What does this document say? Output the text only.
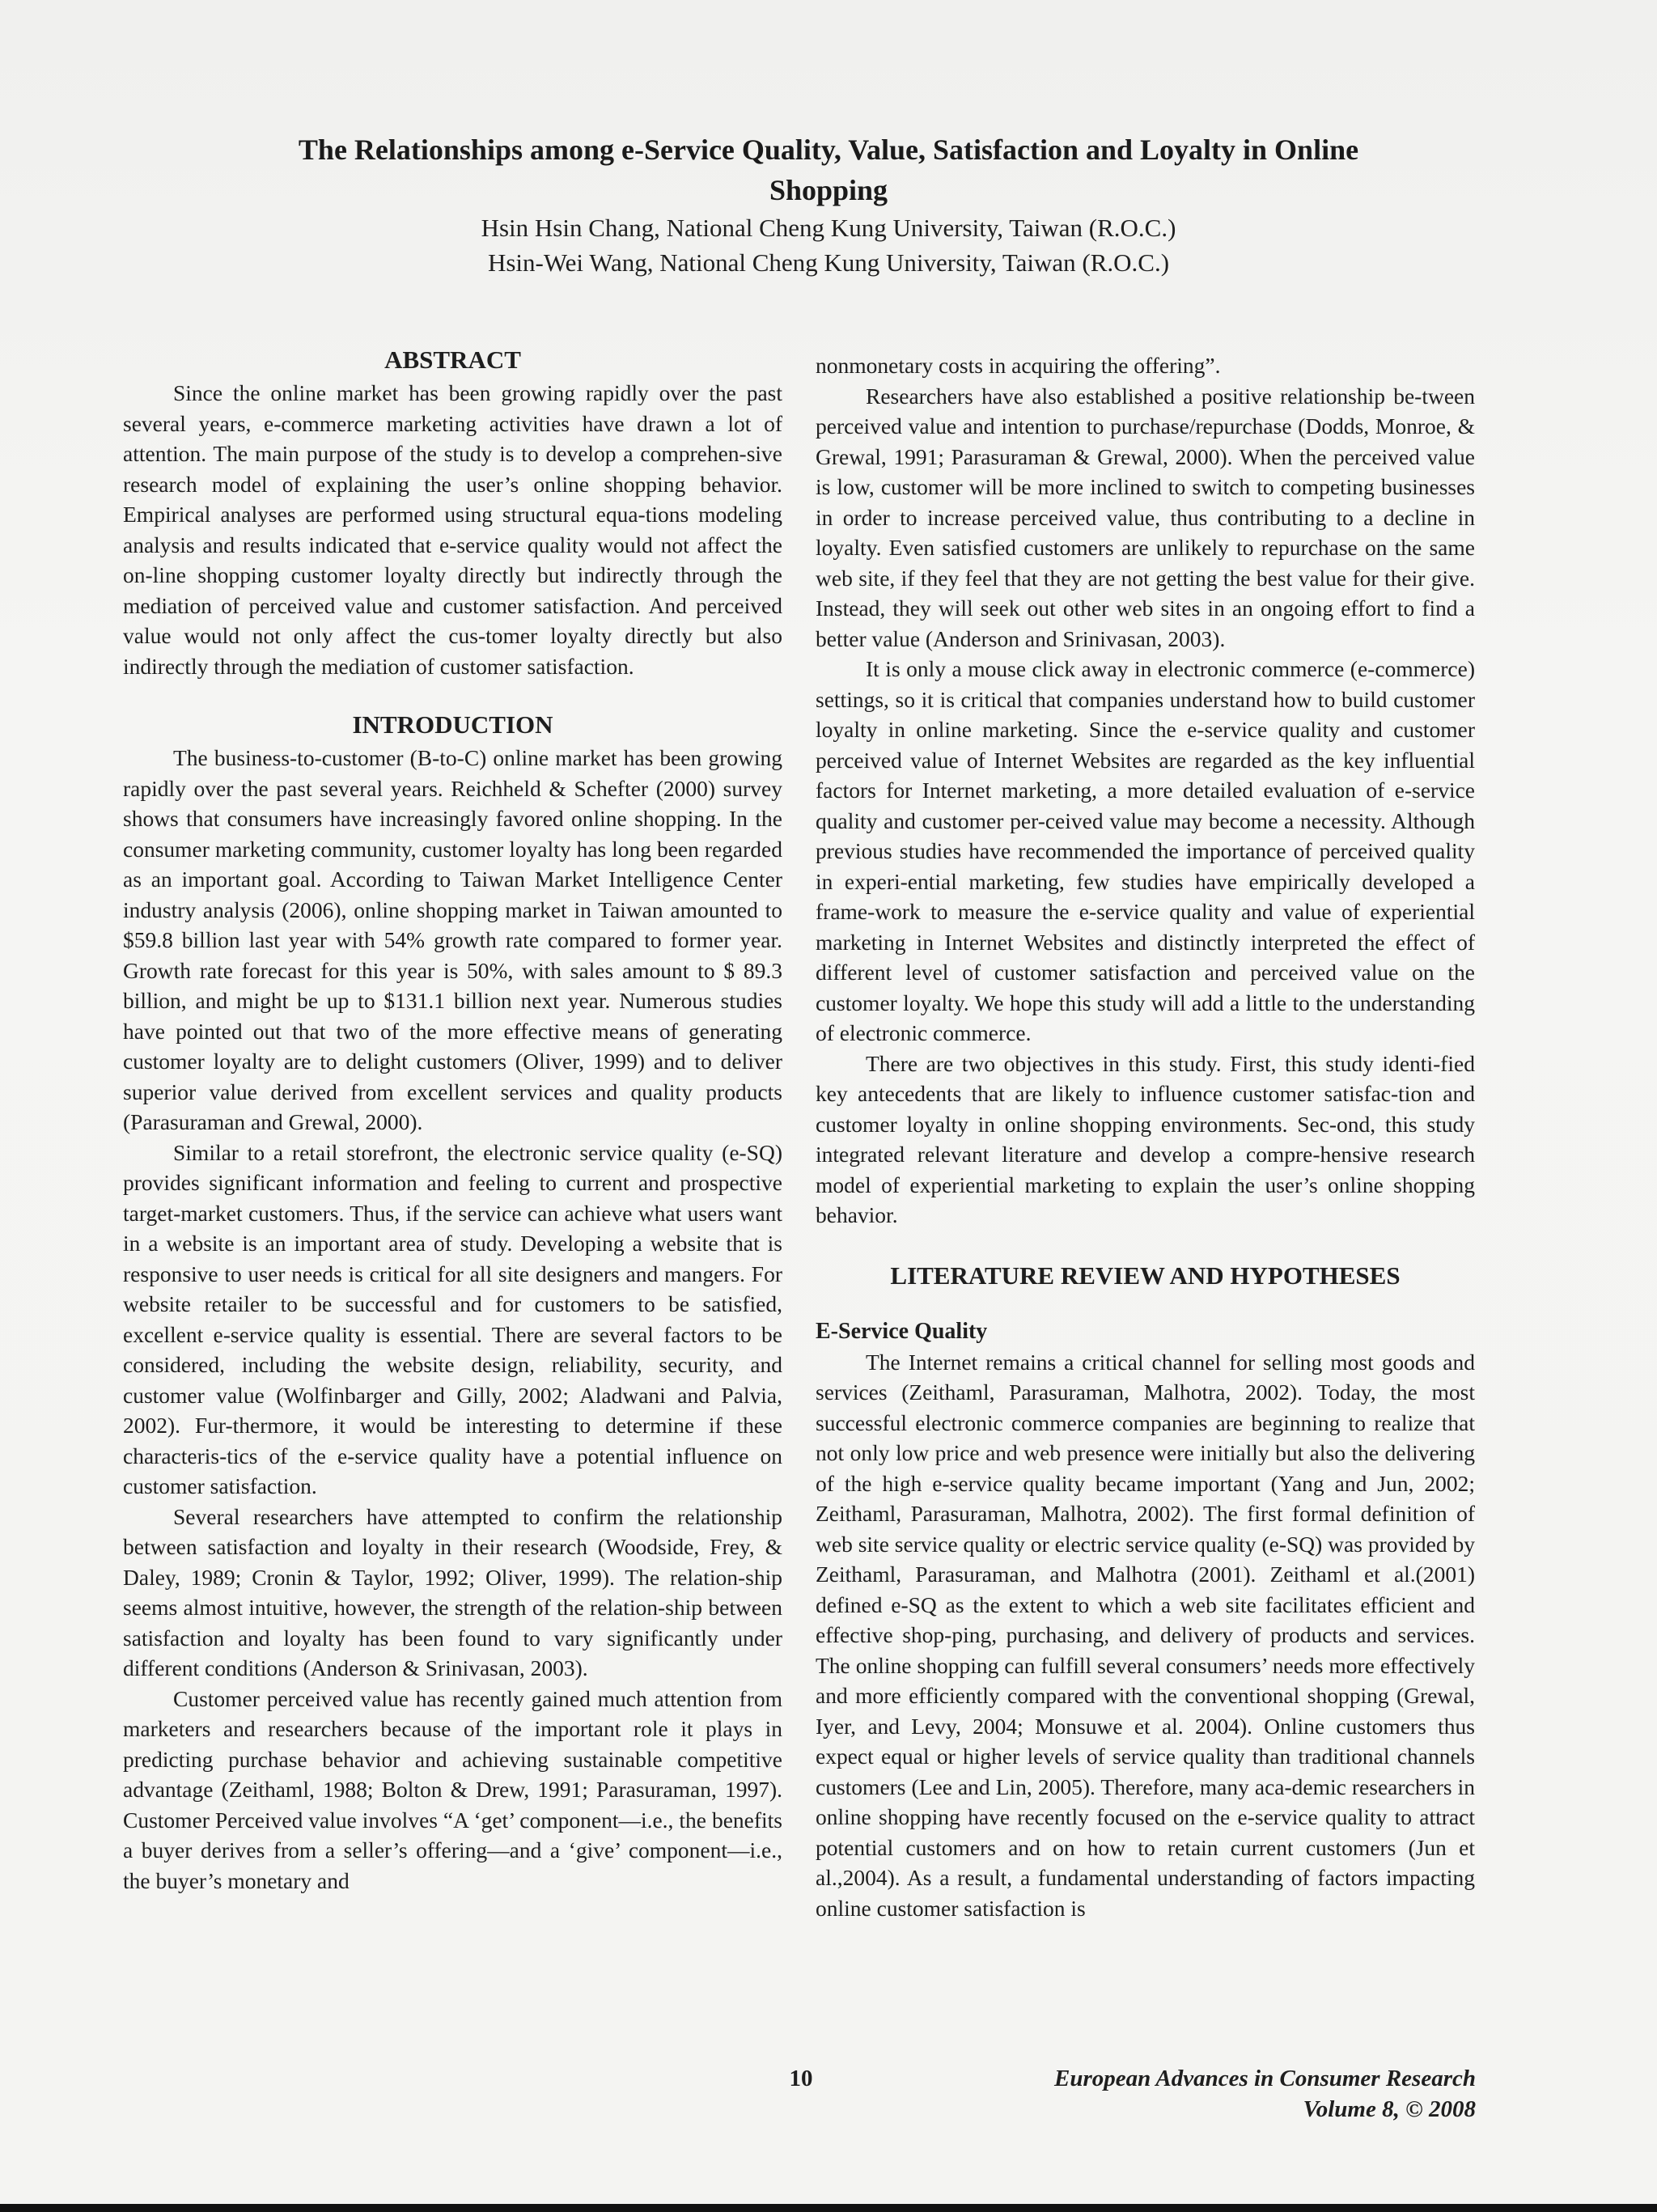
The Relationships among e-Service Quality, Value, Satisfaction and Loyalty in Online
Shopping
Hsin Hsin Chang, National Cheng Kung University, Taiwan (R.O.C.)
Hsin-Wei Wang, National Cheng Kung University, Taiwan (R.O.C.)
ABSTRACT

Since the online market has been growing rapidly over the past several years, e-commerce marketing activities have drawn a lot of attention. The main purpose of the study is to develop a comprehen-sive research model of explaining the user’s online shopping behavior. Empirical analyses are performed using structural equa-tions modeling analysis and results indicated that e-service quality would not affect the on-line shopping customer loyalty directly but indirectly through the mediation of perceived value and customer satisfaction. And perceived value would not only affect the cus-tomer loyalty directly but also indirectly through the mediation of customer satisfaction.

INTRODUCTION

The business-to-customer (B-to-C) online market has been growing rapidly over the past several years. Reichheld & Schefter (2000) survey shows that consumers have increasingly favored online shopping. In the consumer marketing community, customer loyalty has long been regarded as an important goal. According to Taiwan Market Intelligence Center industry analysis (2006), online shopping market in Taiwan amounted to $59.8 billion last year with 54% growth rate compared to former year. Growth rate forecast for this year is 50%, with sales amount to $ 89.3 billion, and might be up to $131.1 billion next year. Numerous studies have pointed out that two of the more effective means of generating customer loyalty are to delight customers (Oliver, 1999) and to deliver superior value derived from excellent services and quality products (Parasuraman and Grewal, 2000).

Similar to a retail storefront, the electronic service quality (e-SQ) provides significant information and feeling to current and prospective target-market customers. Thus, if the service can achieve what users want in a website is an important area of study. Developing a website that is responsive to user needs is critical for all site designers and mangers. For website retailer to be successful and for customers to be satisfied, excellent e-service quality is essential. There are several factors to be considered, including the website design, reliability, security, and customer value (Wolfinbarger and Gilly, 2002; Aladwani and Palvia, 2002). Fur-thermore, it would be interesting to determine if these characteris-tics of the e-service quality have a potential influence on customer satisfaction.

Several researchers have attempted to confirm the relationship between satisfaction and loyalty in their research (Woodside, Frey, & Daley, 1989; Cronin & Taylor, 1992; Oliver, 1999). The relation-ship seems almost intuitive, however, the strength of the relation-ship between satisfaction and loyalty has been found to vary significantly under different conditions (Anderson & Srinivasan, 2003).

Customer perceived value has recently gained much attention from marketers and researchers because of the important role it plays in predicting purchase behavior and achieving sustainable competitive advantage (Zeithaml, 1988; Bolton & Drew, 1991; Parasuraman, 1997). Customer Perceived value involves “A ‘get’ component—i.e., the benefits a buyer derives from a seller’s offering—and a ‘give’ component—i.e., the buyer’s monetary and

nonmonetary costs in acquiring the offering”.

Researchers have also established a positive relationship be-tween perceived value and intention to purchase/repurchase (Dodds, Monroe, & Grewal, 1991; Parasuraman & Grewal, 2000). When the perceived value is low, customer will be more inclined to switch to competing businesses in order to increase perceived value, thus contributing to a decline in loyalty. Even satisfied customers are unlikely to repurchase on the same web site, if they feel that they are not getting the best value for their give. Instead, they will seek out other web sites in an ongoing effort to find a better value (Anderson and Srinivasan, 2003).

It is only a mouse click away in electronic commerce (e-commerce) settings, so it is critical that companies understand how to build customer loyalty in online marketing. Since the e-service quality and customer perceived value of Internet Websites are regarded as the key influential factors for Internet marketing, a more detailed evaluation of e-service quality and customer per-ceived value may become a necessity. Although previous studies have recommended the importance of perceived quality in experi-ential marketing, few studies have empirically developed a frame-work to measure the e-service quality and value of experiential marketing in Internet Websites and distinctly interpreted the effect of different level of customer satisfaction and perceived value on the customer loyalty. We hope this study will add a little to the understanding of electronic commerce.

There are two objectives in this study. First, this study identi-fied key antecedents that are likely to influence customer satisfac-tion and customer loyalty in online shopping environments. Sec-ond, this study integrated relevant literature and develop a compre-hensive research model of experiential marketing to explain the user’s online shopping behavior.

LITERATURE REVIEW AND HYPOTHESES
E-Service Quality

The Internet remains a critical channel for selling most goods and services (Zeithaml, Parasuraman, Malhotra, 2002). Today, the most successful electronic commerce companies are beginning to realize that not only low price and web presence were initially but also the delivering of the high e-service quality became important (Yang and Jun, 2002; Zeithaml, Parasuraman, Malhotra, 2002). The first formal definition of web site service quality or electric service quality (e-SQ) was provided by Zeithaml, Parasuraman, and Malhotra (2001). Zeithaml et al.(2001) defined e-SQ as the extent to which a web site facilitates efficient and effective shop-ping, purchasing, and delivery of products and services. The online shopping can fulfill several consumers’ needs more effectively and more efficiently compared with the conventional shopping (Grewal, Iyer, and Levy, 2004; Monsuwe et al. 2004). Online customers thus expect equal or higher levels of service quality than traditional channels customers (Lee and Lin, 2005). Therefore, many aca-demic researchers in online shopping have recently focused on the e-service quality to attract potential customers and on how to retain current customers (Jun et al.,2004). As a result, a fundamental understanding of factors impacting online customer satisfaction is

10	European Advances in Consumer Research
Volume 8, © 2008
